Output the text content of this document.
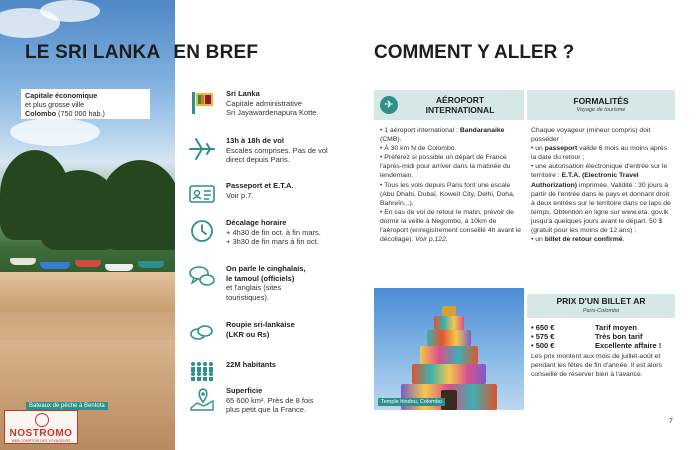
Capitale économique
et plus grosse ville
Colombo (750 000 hab.)
Bateaux de pêche à Bentota
NOSTROMO
WEB COMPTOIR DES VOYAGEURS
LE SRI LANKA EN BREF	COMMENT Y ALLER ?
Sri Lanka
Capitale administrative
Sri Jayawardenapura Kotte.
13h à 18h de vol
Escales comprises. Pas de vol
direct depuis Paris.
Passeport et E.T.A.
Voir p.7.
Décalage horaire
+ 4h30 de fin oct. à fin mars.
+ 3h30 de fin mars à fin oct.
On parle le cinghalais,
le tamoul (officiels)
et l'anglais (sites
touristiques).
Roupie sri-lankaise
(LKR ou Rs)
22M habitants
Superficie
65 600 km². Près de 8 fois
plus petit que la France.
✈	AÉROPORT
INTERNATIONAL

• 1 aéroport international : Bandaranaike (CMB).

• À 30 km N de Colombo.

• Préférez si possible un départ de France l'après-midi pour arriver dans la matinée du lendemain.

• Tous les vols depuis Paris font une escale (Abu Dhabi, Dubaï, Koweït City, Delhi, Doha, Bahreïn...).

• En cas de vol de retour le matin, prévoir de dormir la veille à Negombo, à 10km de l'aéroport (enregistrement conseillé 4h avant le décollage). Voir p.122.

FORMALITÉS
Voyage de tourisme

Chaque voyageur (mineur compris) doit posséder :

• un passeport valide 6 mois au moins après la date du retour ;

• une autorisation électronique d'entrée sur le territoire : E.T.A. (Electronic Travel Authorization) imprimée. Validité : 30 jours à partir de l'entrée dans le pays et donnant droit à deux entrées sur le territoire dans ce laps de temps. Obtention en ligne sur www.eta. gov.lk jusqu'à quelques jours avant le départ. 50 $ (gratuit pour les moins de 12 ans) ;

• un billet de retour confirmé.

Temple hindou, Colombo
PRIX D'UN BILLET AR
Paris-Colombo
• 650 €	Tarif moyen
• 575 €	Très bon tarif
• 500 €	Excellente affaire !
Les prix montent aux mois de juillet-août et pendant les fêtes de fin d'année. Il est alors conseillé de réserver bien à l'avance.
7
